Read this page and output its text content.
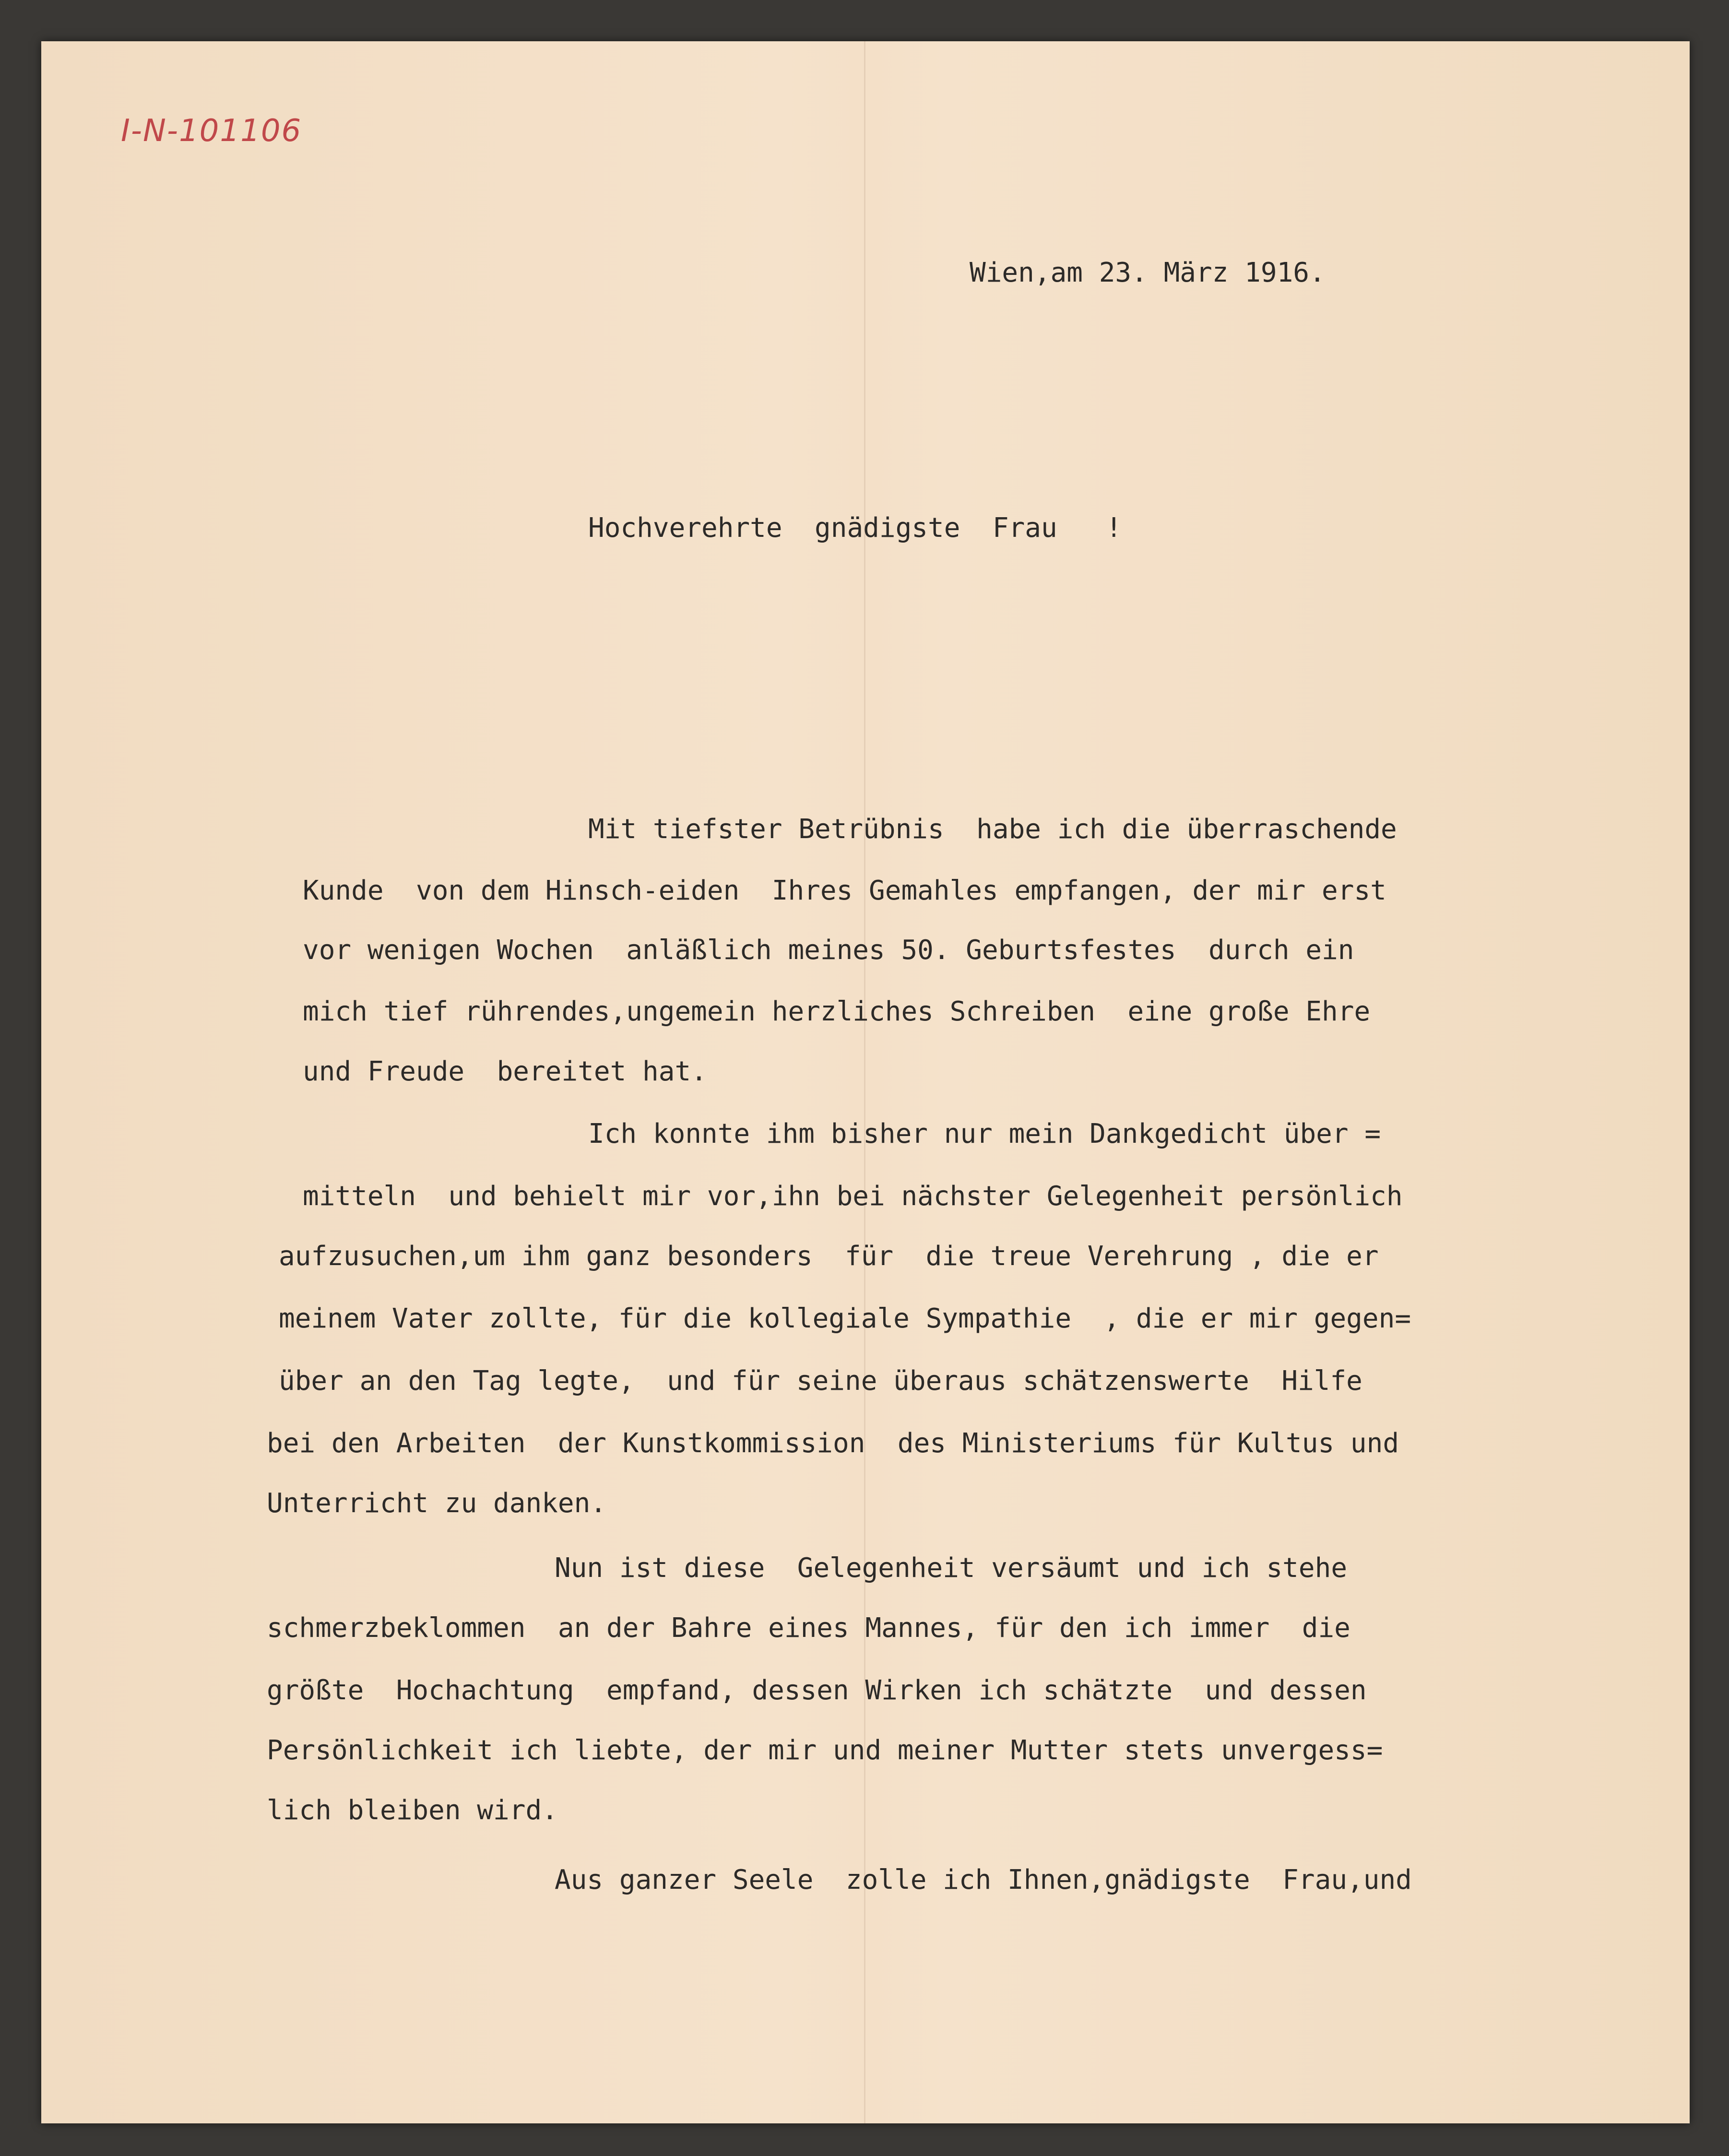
I-N-101106
Wien,am 23. März 1916.
Hochverehrte  gnädigste  Frau   !
Mit tiefster Betrübnis  habe ich die überraschende
Kunde  von dem Hinsch-eiden  Ihres Gemahles empfangen, der mir erst
vor wenigen Wochen  anläßlich meines 50. Geburtsfestes  durch ein
mich tief rührendes,ungemein herzliches Schreiben  eine große Ehre
und Freude  bereitet hat.
Ich konnte ihm bisher nur mein Dankgedicht über =
mitteln  und behielt mir vor,ihn bei nächster Gelegenheit persönlich
aufzusuchen,um ihm ganz besonders  für  die treue Verehrung , die er
meinem Vater zollte, für die kollegiale Sympathie  , die er mir gegen=
über an den Tag legte,  und für seine überaus schätzenswerte  Hilfe
bei den Arbeiten  der Kunstkommission  des Ministeriums für Kultus und
Unterricht zu danken.
Nun ist diese  Gelegenheit versäumt und ich stehe
schmerzbeklommen  an der Bahre eines Mannes, für den ich immer  die
größte  Hochachtung  empfand, dessen Wirken ich schätzte  und dessen
Persönlichkeit ich liebte, der mir und meiner Mutter stets unvergess=
lich bleiben wird.
Aus ganzer Seele  zolle ich Ihnen,gnädigste  Frau,und
